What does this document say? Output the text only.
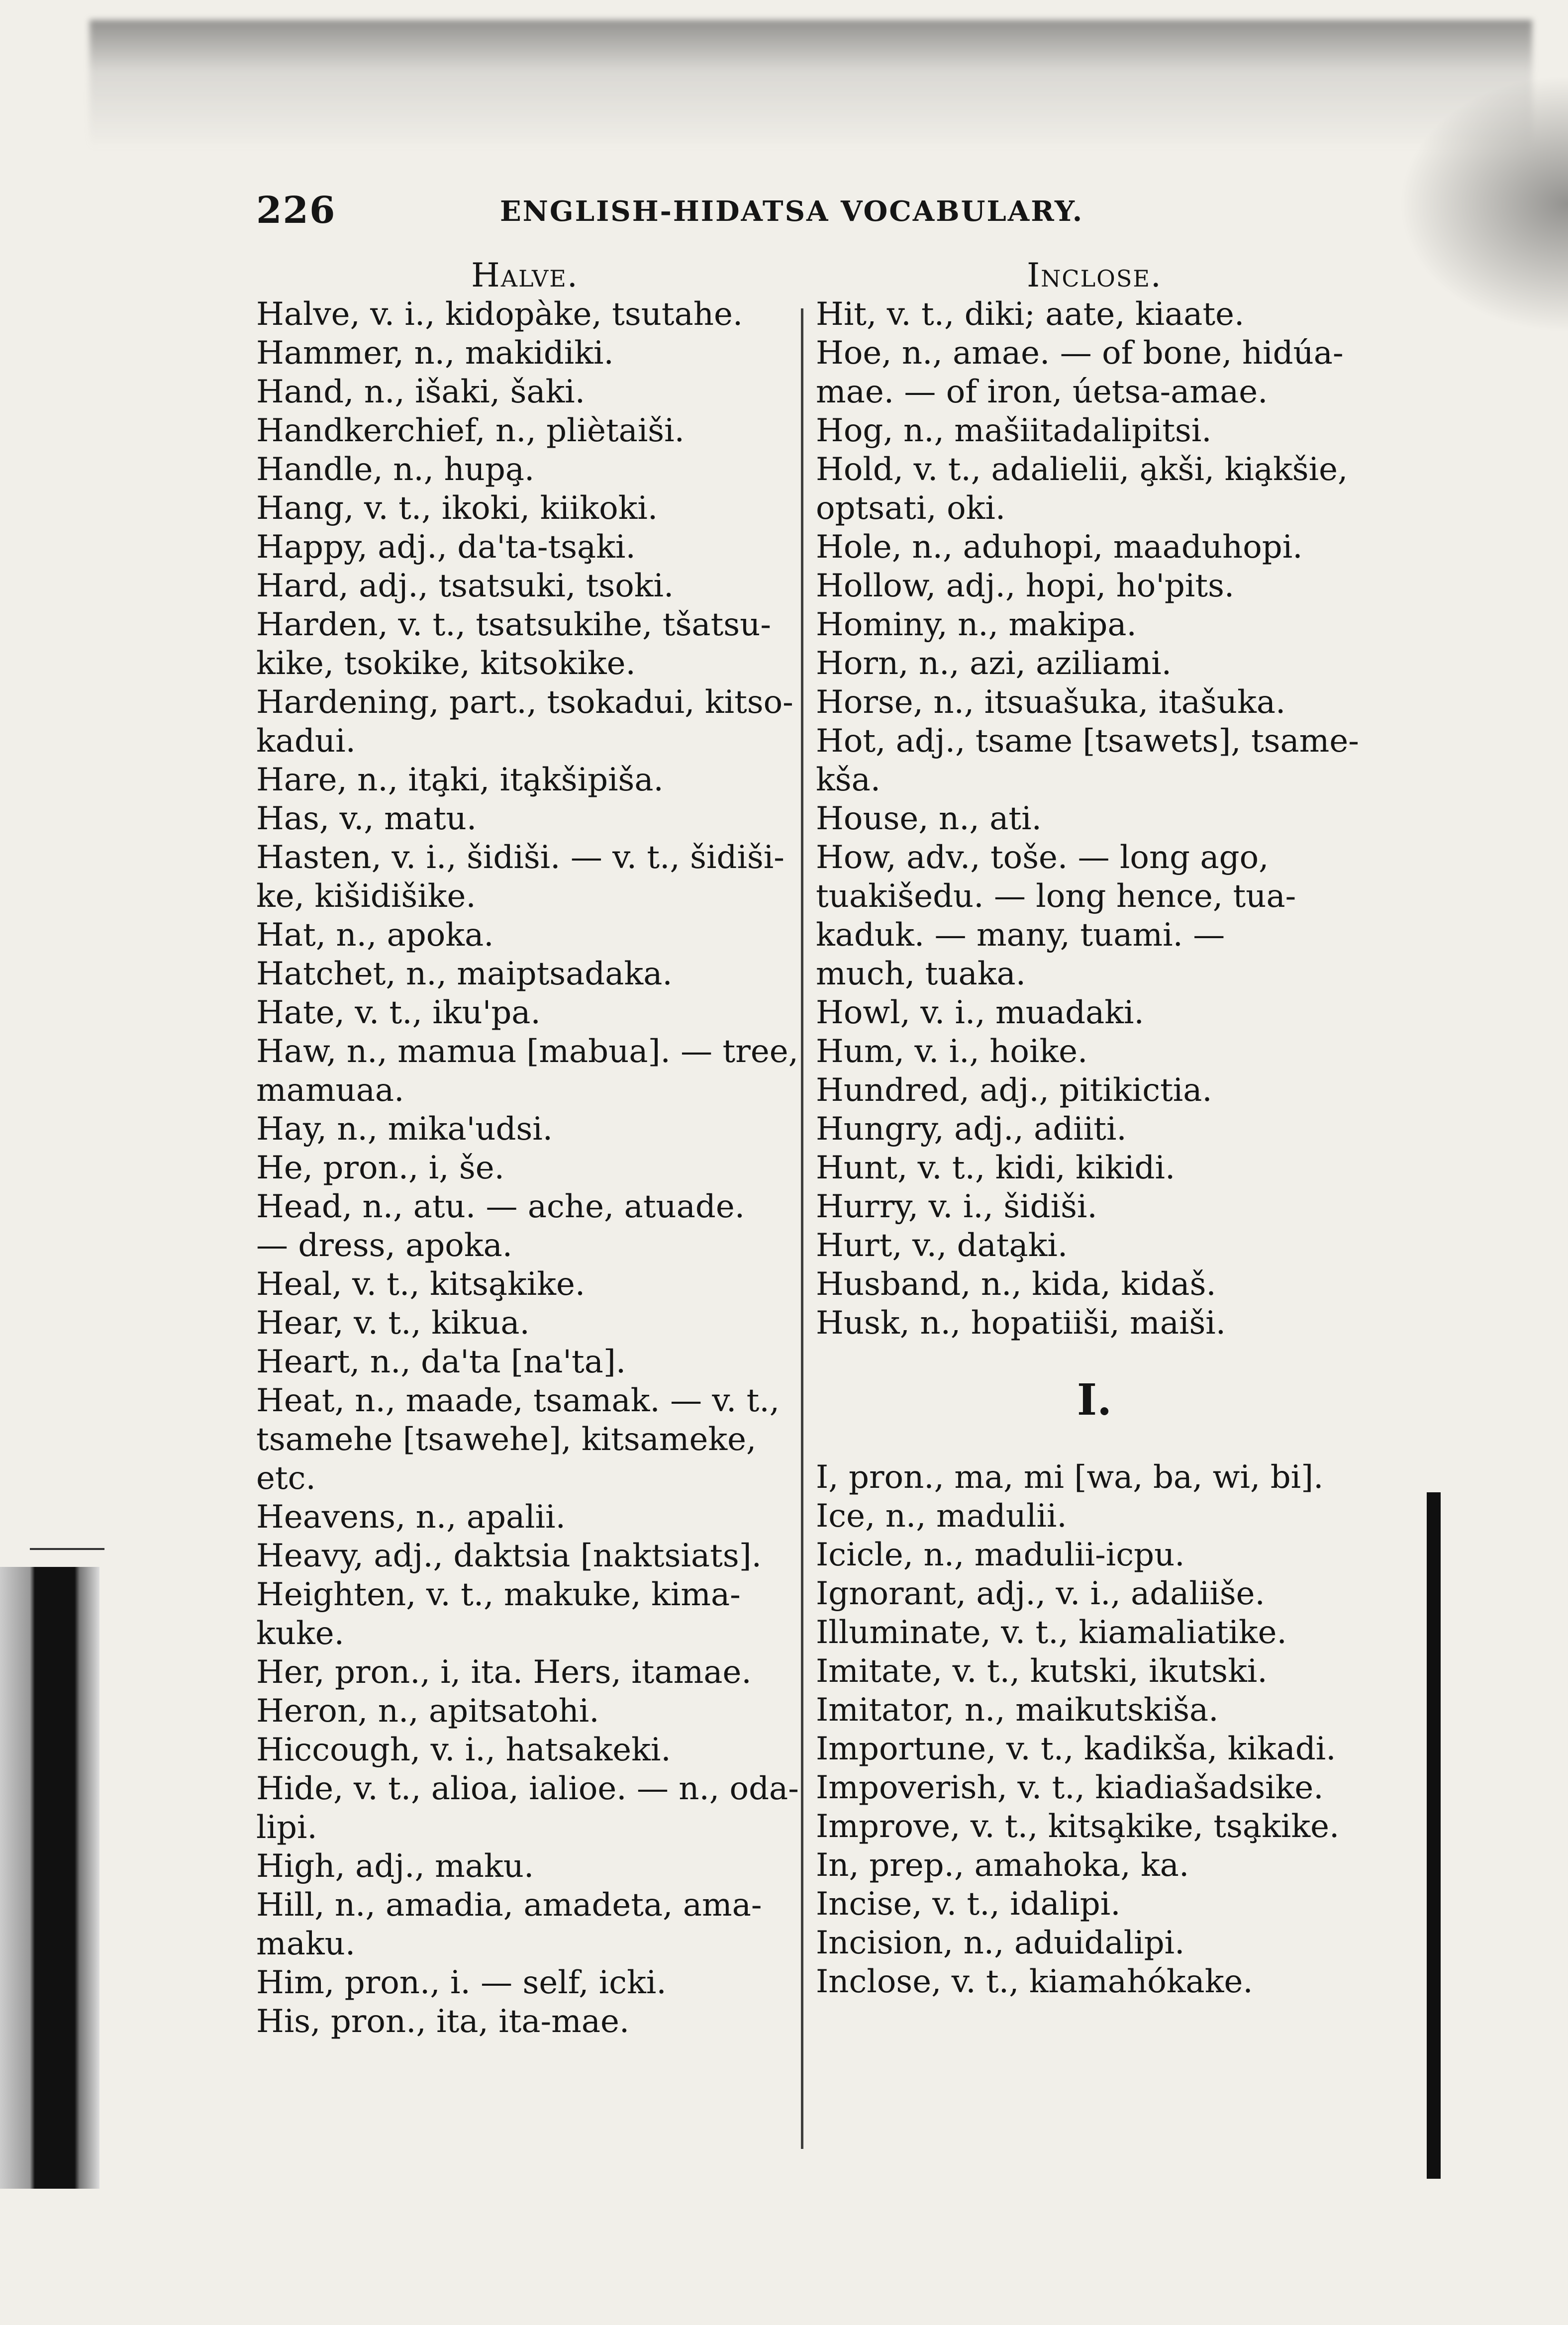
226	ENGLISH-HIDATSA VOCABULARY.
Halve.
Halve, v. i., kidopàke, tsutahe.
Hammer, n., makidiki.
Hand, n., i̇̇šaki, šaki.
Handkerchief, n., pliètaiši.
Handle, n., hupa̧.
Hang, v. t., ikoki, kiikoki.
Happy, adj., da'ta-tsa̧ki.
Hard, adj., tsatsuki, tsoki.
Harden, v. t., tsatsukihe, tšatsu-
kike, tsokike, kitsokike.
Hardening, part., tsokadui, kitso-
kadui.
Hare, n., ita̧ki, ita̧kšipiša.
Has, v., matu.
Hasten, v. i., šidiši. — v. t., šidiši-
ke, kišidišike.
Hat, n., apoka.
Hatchet, n., maiptsadaka.
Hate, v. t., iku'pa.
Haw, n., mamua [mabua]. — tree,
mamuaa.
Hay, n., mika'udsi.
He, pron., i, še.
Head, n., atu. — ache, atuade.
— dress, apoka.
Heal, v. t., kitsa̧kike.
Hear, v. t., kikua.
Heart, n., da'ta [na'ta].
Heat, n., maade, tsamak. — v. t.,
tsamehe [tsawehe], kitsameke,
etc.
Heavens, n., apalii.
Heavy, adj., daktsia [naktsiats].
Heighten, v. t., makuke, kima-
kuke.
Her, pron., i, ita. Hers, itamae.
Heron, n., apitsatohi.
Hiccough, v. i., hatsakeki.
Hide, v. t., alioa, ialioe. — n., oda-
lipi.
High, adj., maku.
Hill, n., amadia, amadeta, ama-
maku.
Him, pron., i. — self, icki.
His, pron., ita, ita-mae.
Inclose.
Hit, v. t., diki; aate, kiaate.
Hoe, n., amae. — of bone, hidúa-
mae. — of iron, úetsa-amae.
Hog, n., mašiitadalipitsi.
Hold, v. t., adalielii, a̧kši, kia̧kšie,
optsati, oki.
Hole, n., aduhopi, maaduhopi.
Hollow, adj., hopi, ho'pits.
Hominy, n., makipa.
Horn, n., azi, aziliami.
Horse, n., itsuašuka, itašuka.
Hot, adj., tsame [tsawets], tsame-
kša.
House, n., ati.
How, adv., toše. — long ago,
tuakišedu. — long hence, tua-
kaduk. — many, tuami. —
much, tuaka.
Howl, v. i., muadaki.
Hum, v. i., hoike.
Hundred, adj., pitikictia.
Hungry, adj., adiiti.
Hunt, v. t., kidi, kikidi.
Hurry, v. i., šidiši.
Hurt, v., data̧ki.
Husband, n., kida, kidaš.
Husk, n., hopatiiši, maiši.
I.
I, pron., ma, mi [wa, ba, wi, bi].
Ice, n., madulii.
Icicle, n., madulii-icpu.
Ignorant, adj., v. i., adaliiše.
Illuminate, v. t., kiamaliatike.
Imitate, v. t., kutski, ikutski.
Imitator, n., maikutskiša.
Importune, v. t., kadikša, kikadi.
Impoverish, v. t., kiadiašadsike.
Improve, v. t., kitsa̧kike, tsa̧kike.
In, prep., amahoka, ka.
Incise, v. t., idalipi.
Incision, n., aduidalipi.
Inclose, v. t., kiamahókake.
